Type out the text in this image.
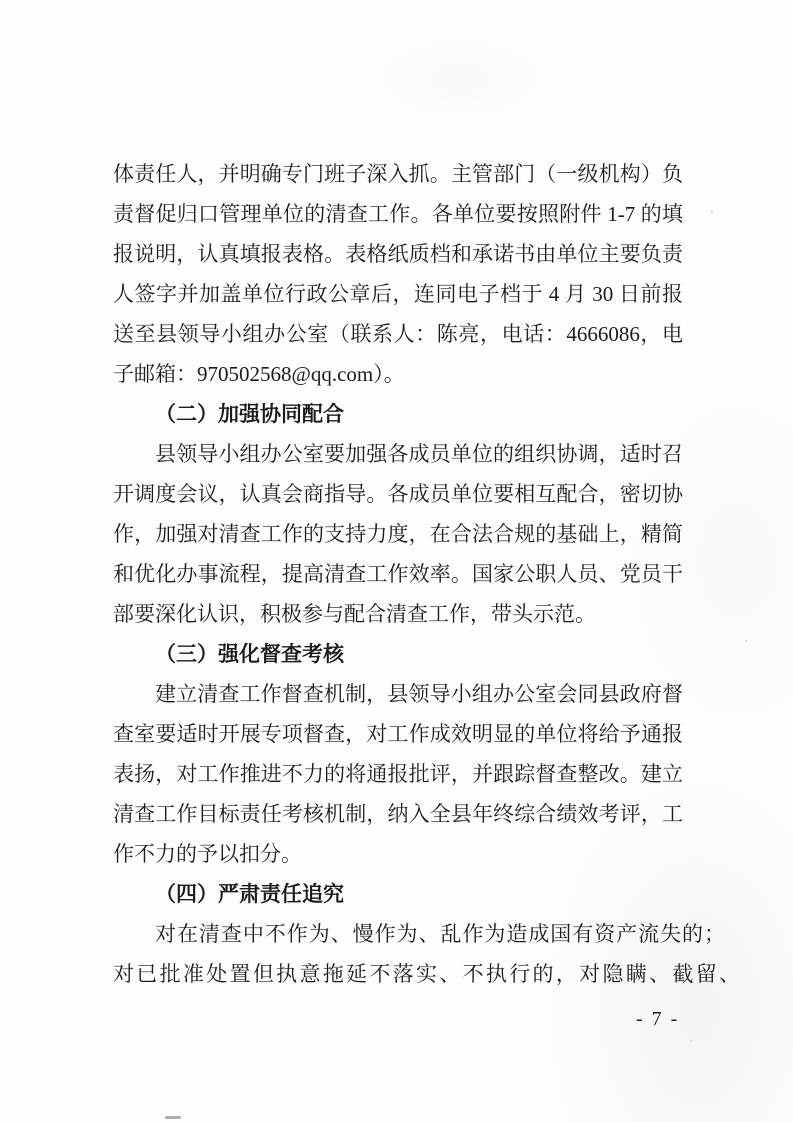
体责任人，并明确专门班子深入抓。主管部门（一级机构）负
责督促归口管理单位的清查工作。各单位要按照附件 1-7 的填
报说明，认真填报表格。表格纸质档和承诺书由单位主要负责
人签字并加盖单位行政公章后，连同电子档于 4 月 30 日前报
送至县领导小组办公室（联系人：陈亮，电话：4666086，电
子邮箱：970502568@qq.com）。
（二）加强协同配合
县领导小组办公室要加强各成员单位的组织协调，适时召
开调度会议，认真会商指导。各成员单位要相互配合，密切协
作，加强对清查工作的支持力度，在合法合规的基础上，精简
和优化办事流程，提高清查工作效率。国家公职人员、党员干
部要深化认识，积极参与配合清查工作，带头示范。
（三）强化督查考核
建立清查工作督查机制，县领导小组办公室会同县政府督
查室要适时开展专项督查，对工作成效明显的单位将给予通报
表扬，对工作推进不力的将通报批评，并跟踪督查整改。建立
清查工作目标责任考核机制，纳入全县年终综合绩效考评，工
作不力的予以扣分。
（四）严肃责任追究
对在清查中不作为、慢作为、乱作为造成国有资产流失的；
对已批准处置但执意拖延不落实、不执行的，对隐瞒、截留、
- 7 -
